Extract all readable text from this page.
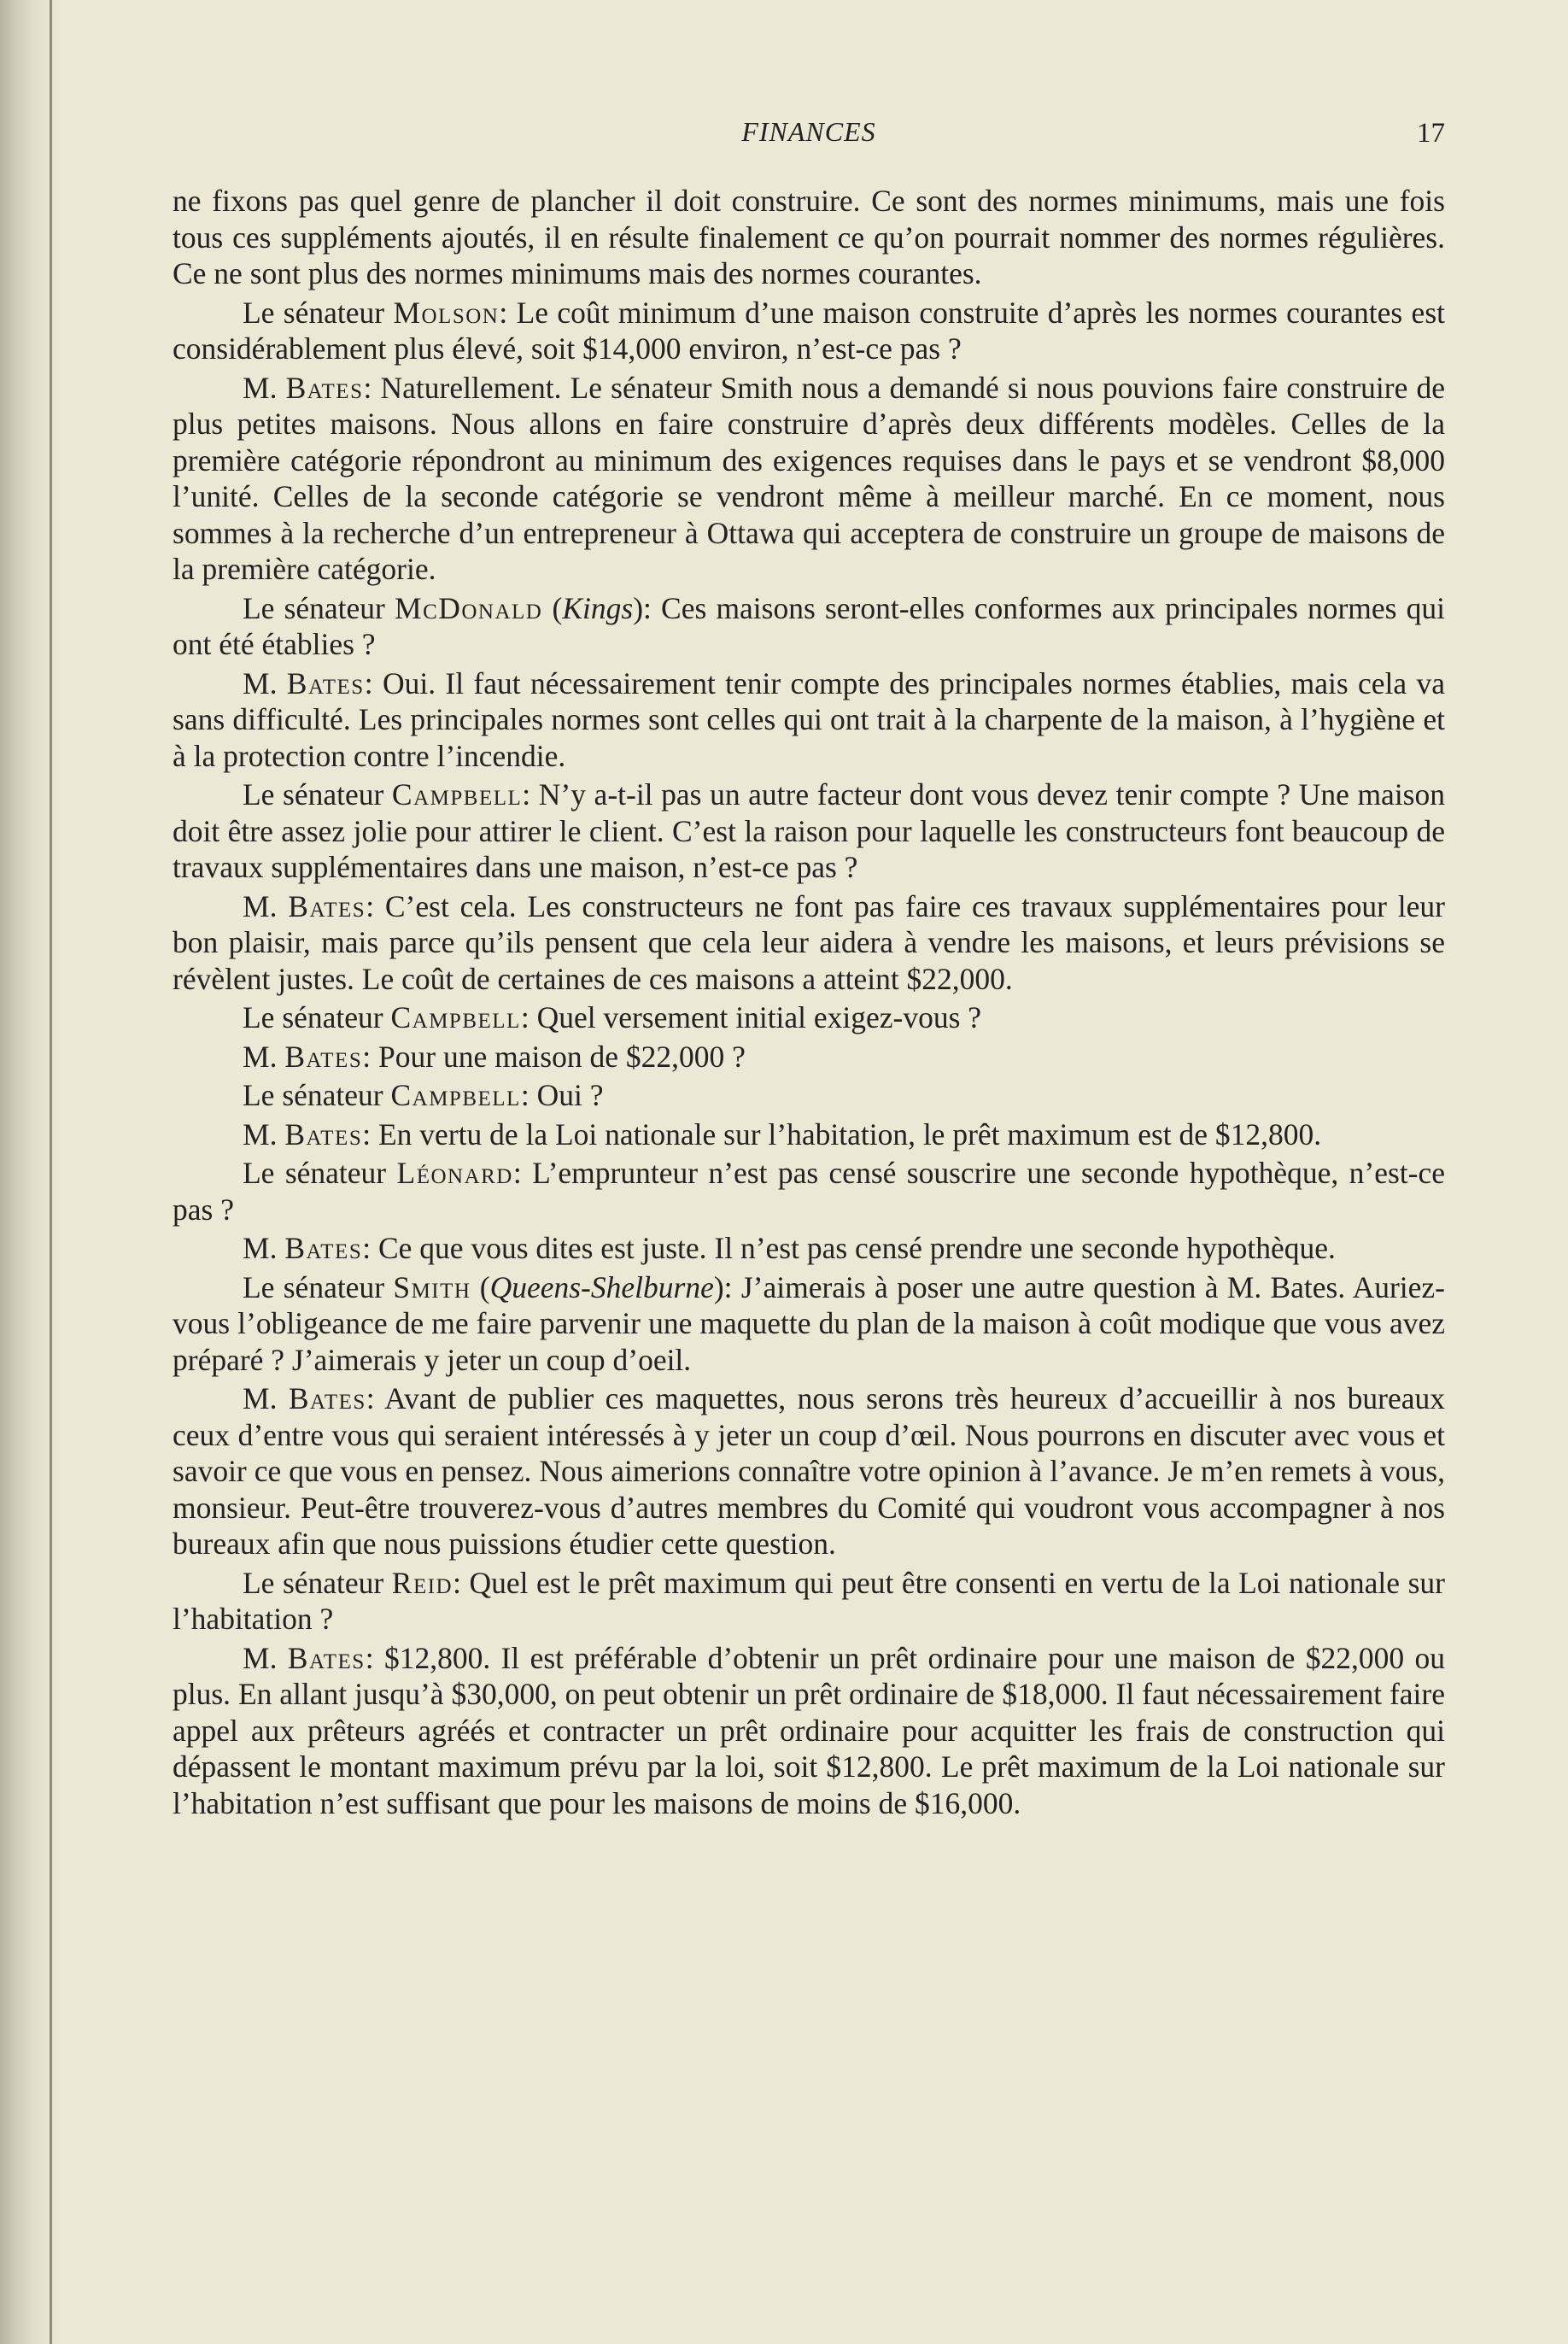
FINANCES	17

ne fixons pas quel genre de plancher il doit construire. Ce sont des normes minimums, mais une fois tous ces suppléments ajoutés, il en résulte finalement ce qu’on pourrait nommer des normes régulières. Ce ne sont plus des normes minimums mais des normes courantes.

Le sénateur Molson: Le coût minimum d’une maison construite d’après les normes courantes est considérablement plus élevé, soit $14,000 environ, n’est-ce pas ?

M. Bates: Naturellement. Le sénateur Smith nous a demandé si nous pouvions faire construire de plus petites maisons. Nous allons en faire construire d’après deux différents modèles. Celles de la première catégorie répondront au minimum des exigences requises dans le pays et se vendront $8,000 l’unité. Celles de la seconde catégorie se vendront même à meilleur marché. En ce moment, nous sommes à la recherche d’un entrepreneur à Ottawa qui acceptera de construire un groupe de maisons de la première catégorie.

Le sénateur McDonald (Kings): Ces maisons seront-elles conformes aux principales normes qui ont été établies ?

M. Bates: Oui. Il faut nécessairement tenir compte des principales normes établies, mais cela va sans difficulté. Les principales normes sont celles qui ont trait à la charpente de la maison, à l’hygiène et à la protection contre l’incendie.

Le sénateur Campbell: N’y a-t-il pas un autre facteur dont vous devez tenir compte ? Une maison doit être assez jolie pour attirer le client. C’est la raison pour laquelle les constructeurs font beaucoup de travaux supplémentaires dans une maison, n’est-ce pas ?

M. Bates: C’est cela. Les constructeurs ne font pas faire ces travaux supplémentaires pour leur bon plaisir, mais parce qu’ils pensent que cela leur aidera à vendre les maisons, et leurs prévisions se révèlent justes. Le coût de certaines de ces maisons a atteint $22,000.

Le sénateur Campbell: Quel versement initial exigez-vous ?

M. Bates: Pour une maison de $22,000 ?

Le sénateur Campbell: Oui ?

M. Bates: En vertu de la Loi nationale sur l’habitation, le prêt maximum est de $12,800.

Le sénateur Léonard: L’emprunteur n’est pas censé souscrire une seconde hypothèque, n’est-ce pas ?

M. Bates: Ce que vous dites est juste. Il n’est pas censé prendre une seconde hypothèque.

Le sénateur Smith (Queens-Shelburne): J’aimerais à poser une autre question à M. Bates. Auriez-vous l’obligeance de me faire parvenir une maquette du plan de la maison à coût modique que vous avez préparé ? J’aimerais y jeter un coup d’oeil.

M. Bates: Avant de publier ces maquettes, nous serons très heureux d’accueillir à nos bureaux ceux d’entre vous qui seraient intéressés à y jeter un coup d’œil. Nous pourrons en discuter avec vous et savoir ce que vous en pensez. Nous aimerions connaître votre opinion à l’avance. Je m’en remets à vous, monsieur. Peut-être trouverez-vous d’autres membres du Comité qui voudront vous accompagner à nos bureaux afin que nous puissions étudier cette question.

Le sénateur Reid: Quel est le prêt maximum qui peut être consenti en vertu de la Loi nationale sur l’habitation ?

M. Bates: $12,800. Il est préférable d’obtenir un prêt ordinaire pour une maison de $22,000 ou plus. En allant jusqu’à $30,000, on peut obtenir un prêt ordinaire de $18,000. Il faut nécessairement faire appel aux prêteurs agréés et contracter un prêt ordinaire pour acquitter les frais de construction qui dépassent le montant maximum prévu par la loi, soit $12,800. Le prêt maximum de la Loi nationale sur l’habitation n’est suffisant que pour les maisons de moins de $16,000.
